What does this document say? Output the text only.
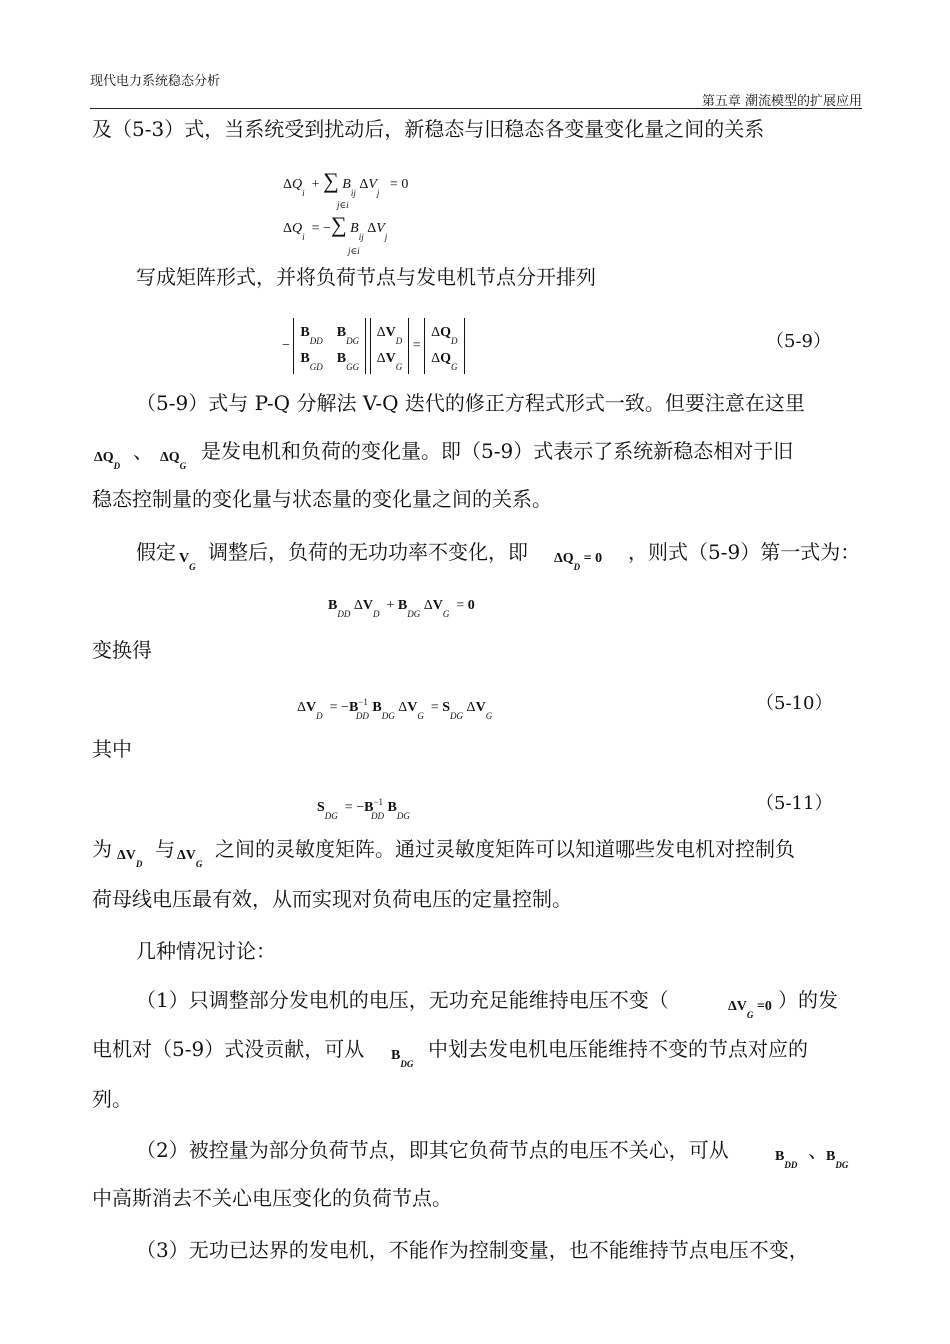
现代电力系统稳态分析
第五章 潮流模型的扩展应用
及（5-3）式，当系统受到扰动后，新稳态与旧稳态各变量变化量之间的关系
$\Delta Q_i$  + ∑ $B_{ij}$ $\Delta V_j = 0$
j∈i
$\Delta Q_i$  = −∑ $B_{ij}$ $\Delta V_j$
j∈i
写成矩阵形式，并将负荷节点与发电机节点分开排列
− $B_{DD}$    $B_{DG}$
$B_{GD}$    $B_{GG}$ $\Delta V_D$
$\Delta V_G = \Delta Q_D$
$\Delta Q_G$
（5-9）
（5-9）式与 P-Q 分解法 V-Q 迭代的修正方程式形式一致。但要注意在这里
$\Delta Q_D$
、 $\Delta Q_G$
是发电机和负荷的变化量。即（5-9）式表示了系统新稳态相对于旧
稳态控制量的变化量与状态量的变化量之间的关系。
假定 $V_G$
调整后，负荷的无功功率不变化，即 $\Delta Q_D = 0$ ，则式（5-9）第一式为：
$B_{DD}$ $\Delta V_D + B_{DG}$ $\Delta V_G = 0$
变换得
$\Delta V_D = -B^{-1}_{DD}$ $B_{DG}$ $\Delta V_G = S_{DG}$ $\Delta V_G$
（5-10）
其中
$S_{DG} = -B^{-1}_{DD}$ $B_{DG}$
（5-11）
为 $\Delta V_D$
与 $\Delta V_G$
之间的灵敏度矩阵。通过灵敏度矩阵可以知道哪些发电机对控制负
荷母线电压最有效，从而实现对负荷电压的定量控制。
几种情况讨论：
（1）只调整部分发电机的电压，无功充足能维持电压不变（	$\Delta V_G =0$ ）的发
电机对（5-9）式没贡献，可从 $B_{DG}$
中划去发电机电压能维持不变的节点对应的
列。
（2）被控量为部分负荷节点，即其它负荷节点的电压不关心，可从	$B_{DD}$
、
$B_{DG}$
中高斯消去不关心电压变化的负荷节点。
（3）无功已达界的发电机，不能作为控制变量，也不能维持节点电压不变，
